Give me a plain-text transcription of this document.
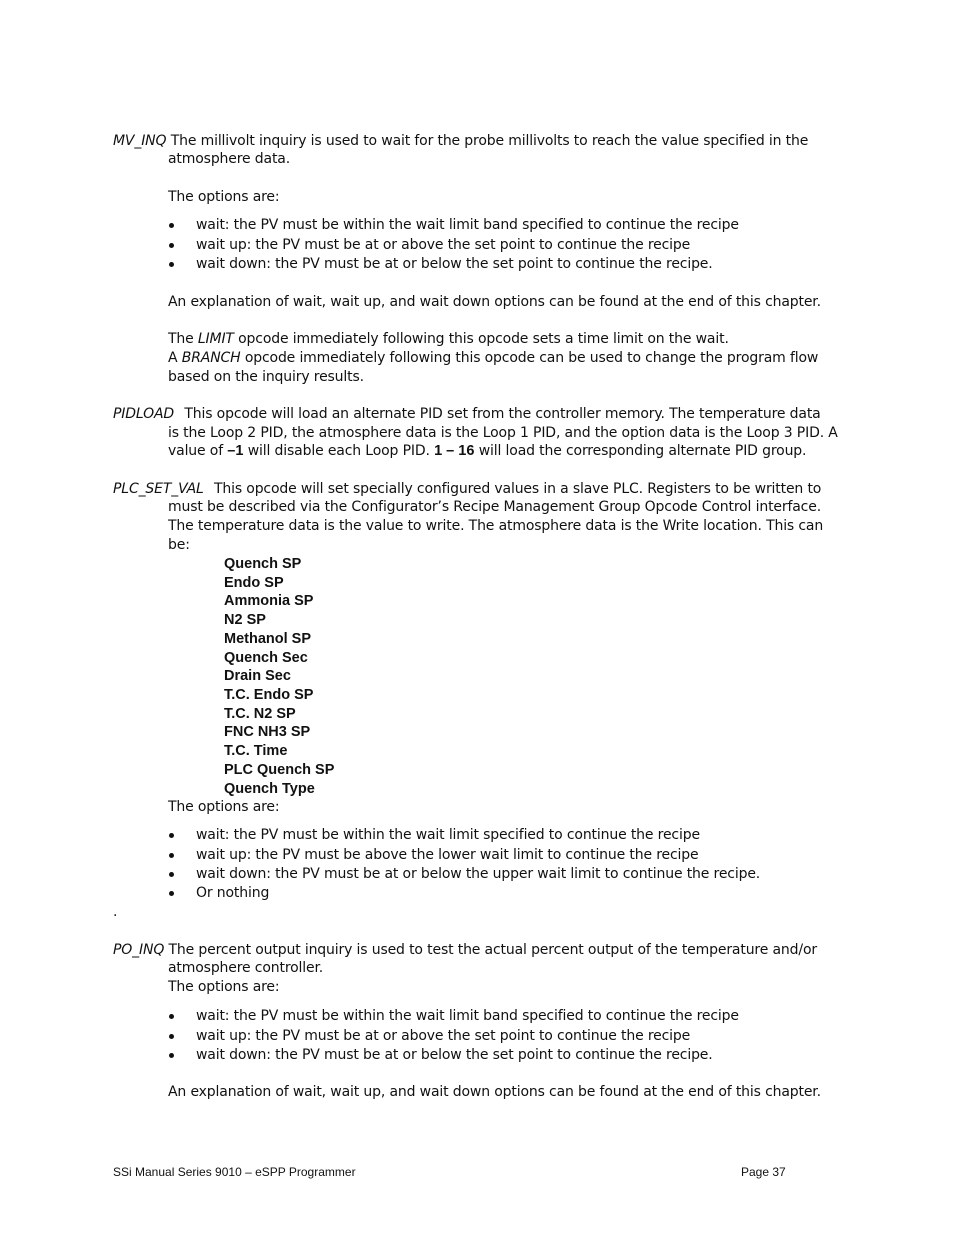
MV_INQ The millivolt inquiry is used to wait for the probe millivolts to reach the value specified in the
atmosphere data.
The options are:
wait: the PV must be within the wait limit band specified to continue the recipe
wait up: the PV must be at or above the set point to continue the recipe
wait down: the PV must be at or below the set point to continue the recipe.
An explanation of wait, wait up, and wait down options can be found at the end of this chapter.
The LIMIT opcode immediately following this opcode sets a time limit on the wait.
A BRANCH opcode immediately following this opcode can be used to change the program flow
based on the inquiry results.
PIDLOAD This opcode will load an alternate PID set from the controller memory. The temperature data
is the Loop 2 PID, the atmosphere data is the Loop 1 PID, and the option data is the Loop 3 PID. A
value of –1 will disable each Loop PID. 1 – 16 will load the corresponding alternate PID group.
PLC_SET_VAL This opcode will set specially configured values in a slave PLC. Registers to be written to
must be described via the Configurator’s Recipe Management Group Opcode Control interface.
The temperature data is the value to write. The atmosphere data is the Write location. This can
be:
Quench SP
Endo SP
Ammonia SP
N2 SP
Methanol SP
Quench Sec
Drain Sec
T.C. Endo SP
T.C. N2 SP
FNC NH3 SP
T.C. Time
PLC Quench SP
Quench Type
The options are:
wait: the PV must be within the wait limit specified to continue the recipe
wait up: the PV must be above the lower wait limit to continue the recipe
wait down: the PV must be at or below the upper wait limit to continue the recipe.
Or nothing
.
PO_INQ The percent output inquiry is used to test the actual percent output of the temperature and/or
atmosphere controller.
The options are:
wait: the PV must be within the wait limit band specified to continue the recipe
wait up: the PV must be at or above the set point to continue the recipe
wait down: the PV must be at or below the set point to continue the recipe.
An explanation of wait, wait up, and wait down options can be found at the end of this chapter.
SSi Manual Series 9010 – eSPP Programmer	Page 37
